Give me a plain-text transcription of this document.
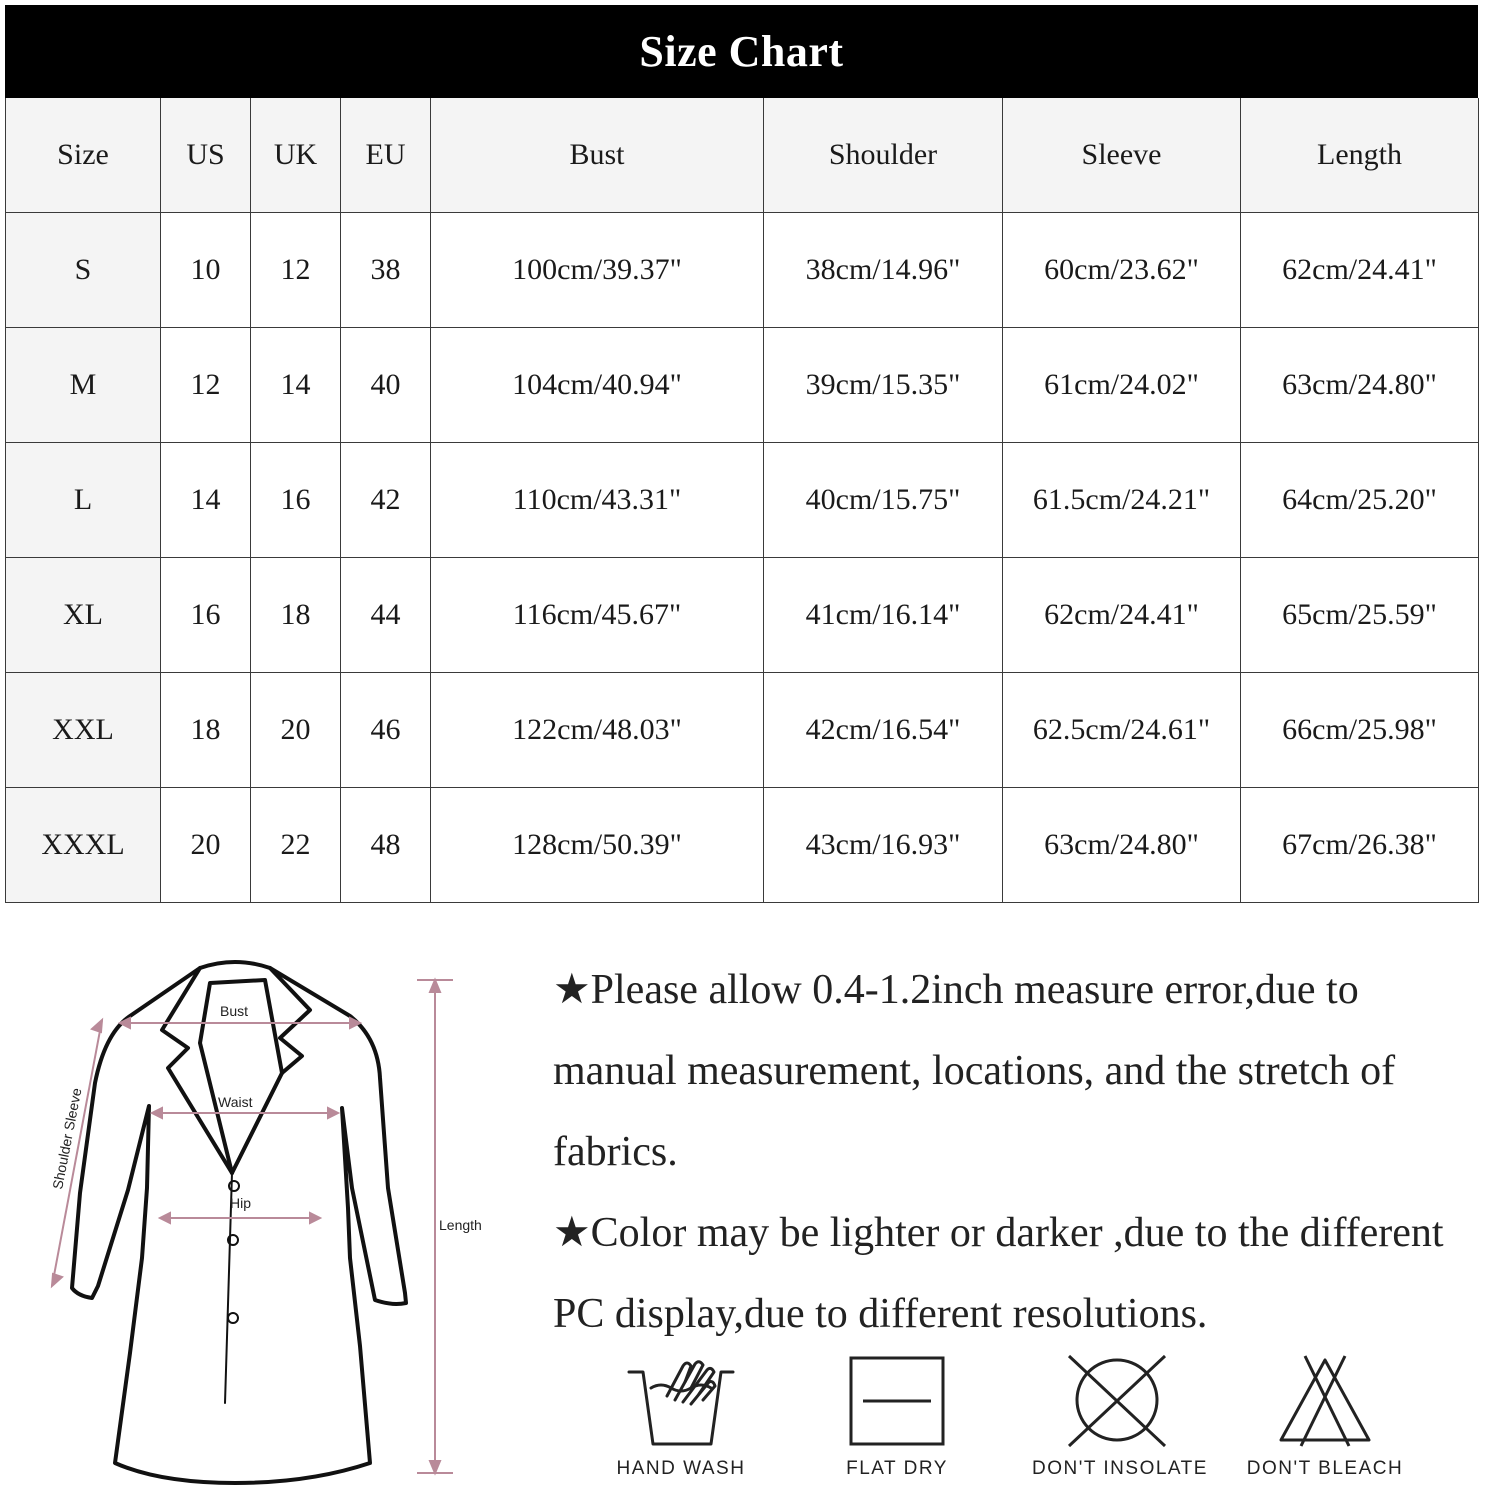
Size Chart
Size	US	UK	EU	Bust	Shoulder	Sleeve	Length
S	10	12	38	100cm/39.37"	38cm/14.96"	60cm/23.62"	62cm/24.41"
M	12	14	40	104cm/40.94"	39cm/15.35"	61cm/24.02"	63cm/24.80"
L	14	16	42	110cm/43.31"	40cm/15.75"	61.5cm/24.21"	64cm/25.20"
XL	16	18	44	116cm/45.67"	41cm/16.14"	62cm/24.41"	65cm/25.59"
XXL	18	20	46	122cm/48.03"	42cm/16.54"	62.5cm/24.61"	66cm/25.98"
XXXL	20	22	48	128cm/50.39"	43cm/16.93"	63cm/24.80"	67cm/26.38"
Bust
Waist
Hip
Shoulder Sleeve
Length

★Please allow 0.4-1.2inch measure error,due to manual measurement, locations, and the stretch of fabrics.

★Color may be lighter or darker ,due to the different PC display,due to different resolutions.

HAND WASH	FLAT DRY	DON'T INSOLATE	DON'T BLEACH
